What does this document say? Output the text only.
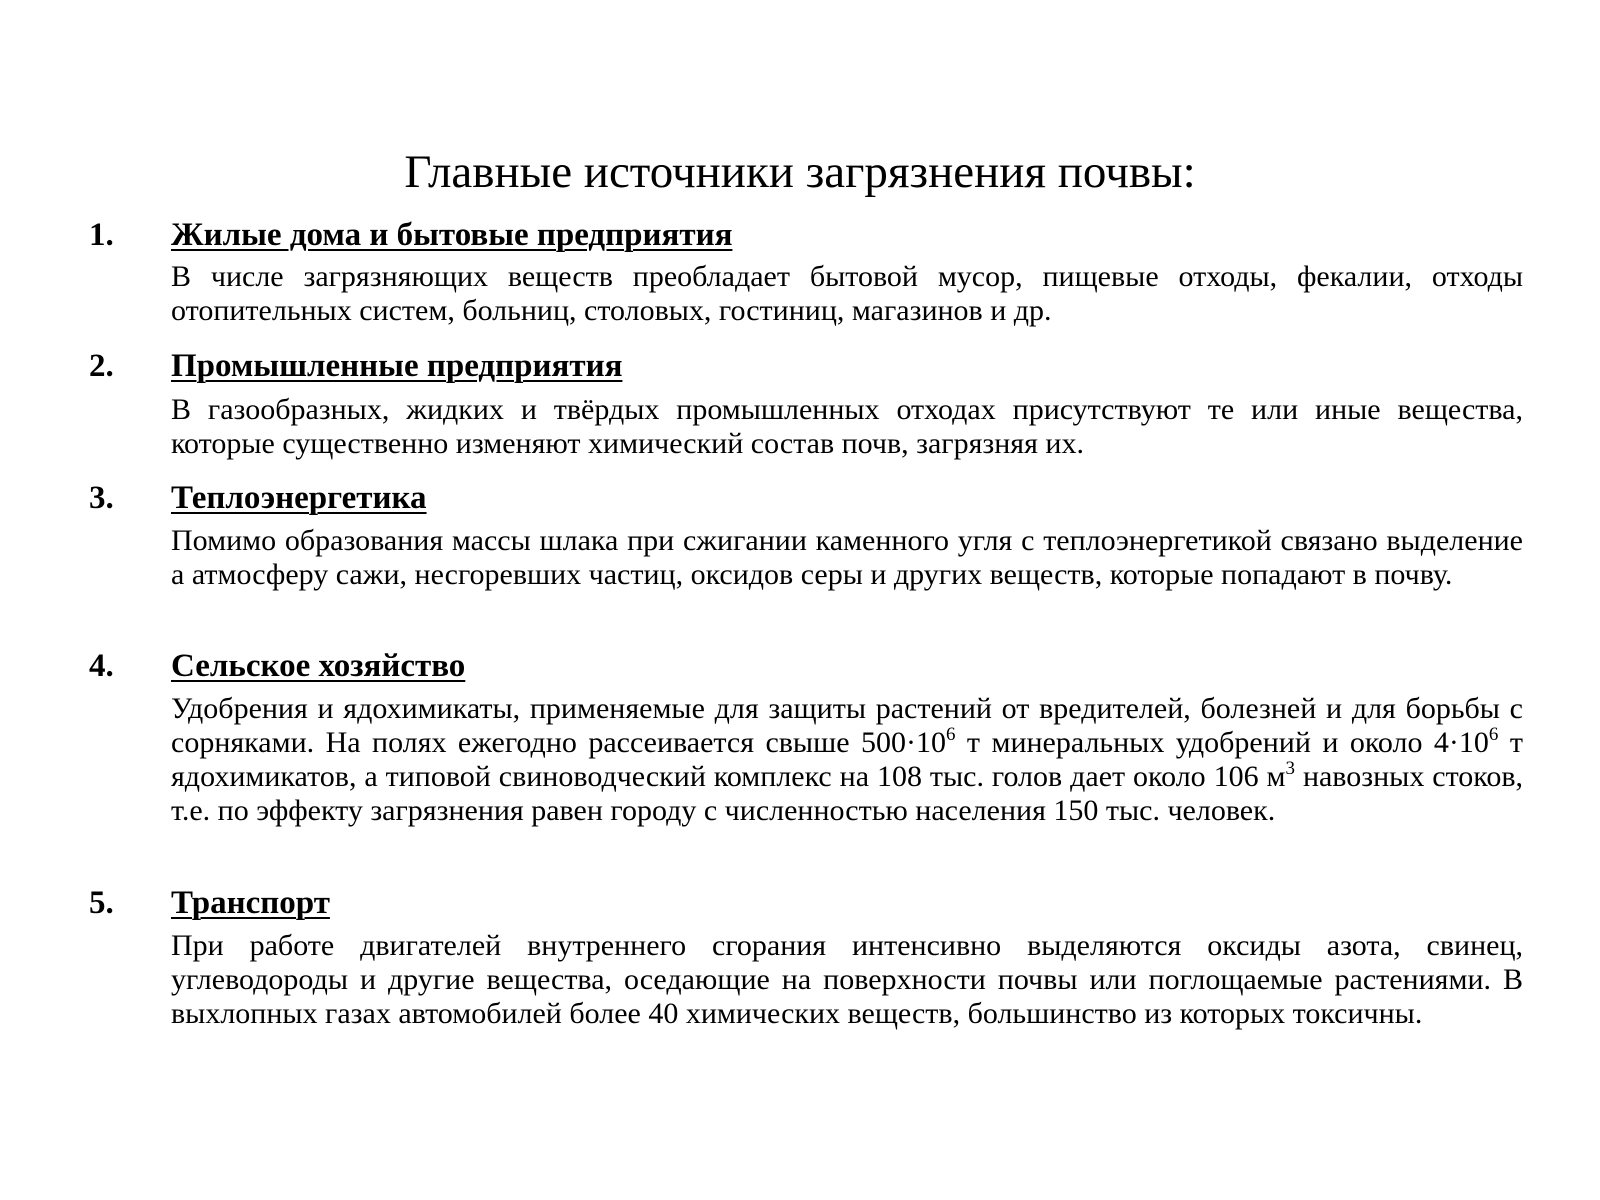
Главные источники загрязнения почвы:
1. Жилые дома и бытовые предприятия
В числе загрязняющих веществ преобладает бытовой мусор, пищевые отходы, фекалии, отходы отопительных систем, больниц, столовых, гостиниц, магазинов и др.
2. Промышленные предприятия
В газообразных, жидких и твёрдых промышленных отходах присутствуют те или иные вещества, которые существенно изменяют химический состав почв, загрязняя их.
3. Теплоэнергетика
Помимо образования массы шлака при сжигании каменного угля с теплоэнергетикой связано выделение а атмосферу сажи, несгоревших частиц, оксидов серы и других веществ, которые попадают в почву.
4. Сельское хозяйство
Удобрения и ядохимикаты, применяемые для защиты растений от вредителей, болезней и для борьбы с сорняками. На полях ежегодно рассеивается свыше $500\cdot 10^6$ т минеральных удобрений и около $4\cdot 10^6$ т ядохимикатов, а типовой свиноводческий комплекс на 108 тыс. голов дает около 106 $м^3$ навозных стоков, т.е. по эффекту загрязнения равен городу с численностью населения 150 тыс. человек.
5. Транспорт
При работе двигателей внутреннего сгорания интенсивно выделяются оксиды азота, свинец, углеводороды и другие вещества, оседающие на поверхности почвы или поглощаемые растениями. В выхлопных газах автомобилей более 40 химических веществ, большинство из которых токсичны.
